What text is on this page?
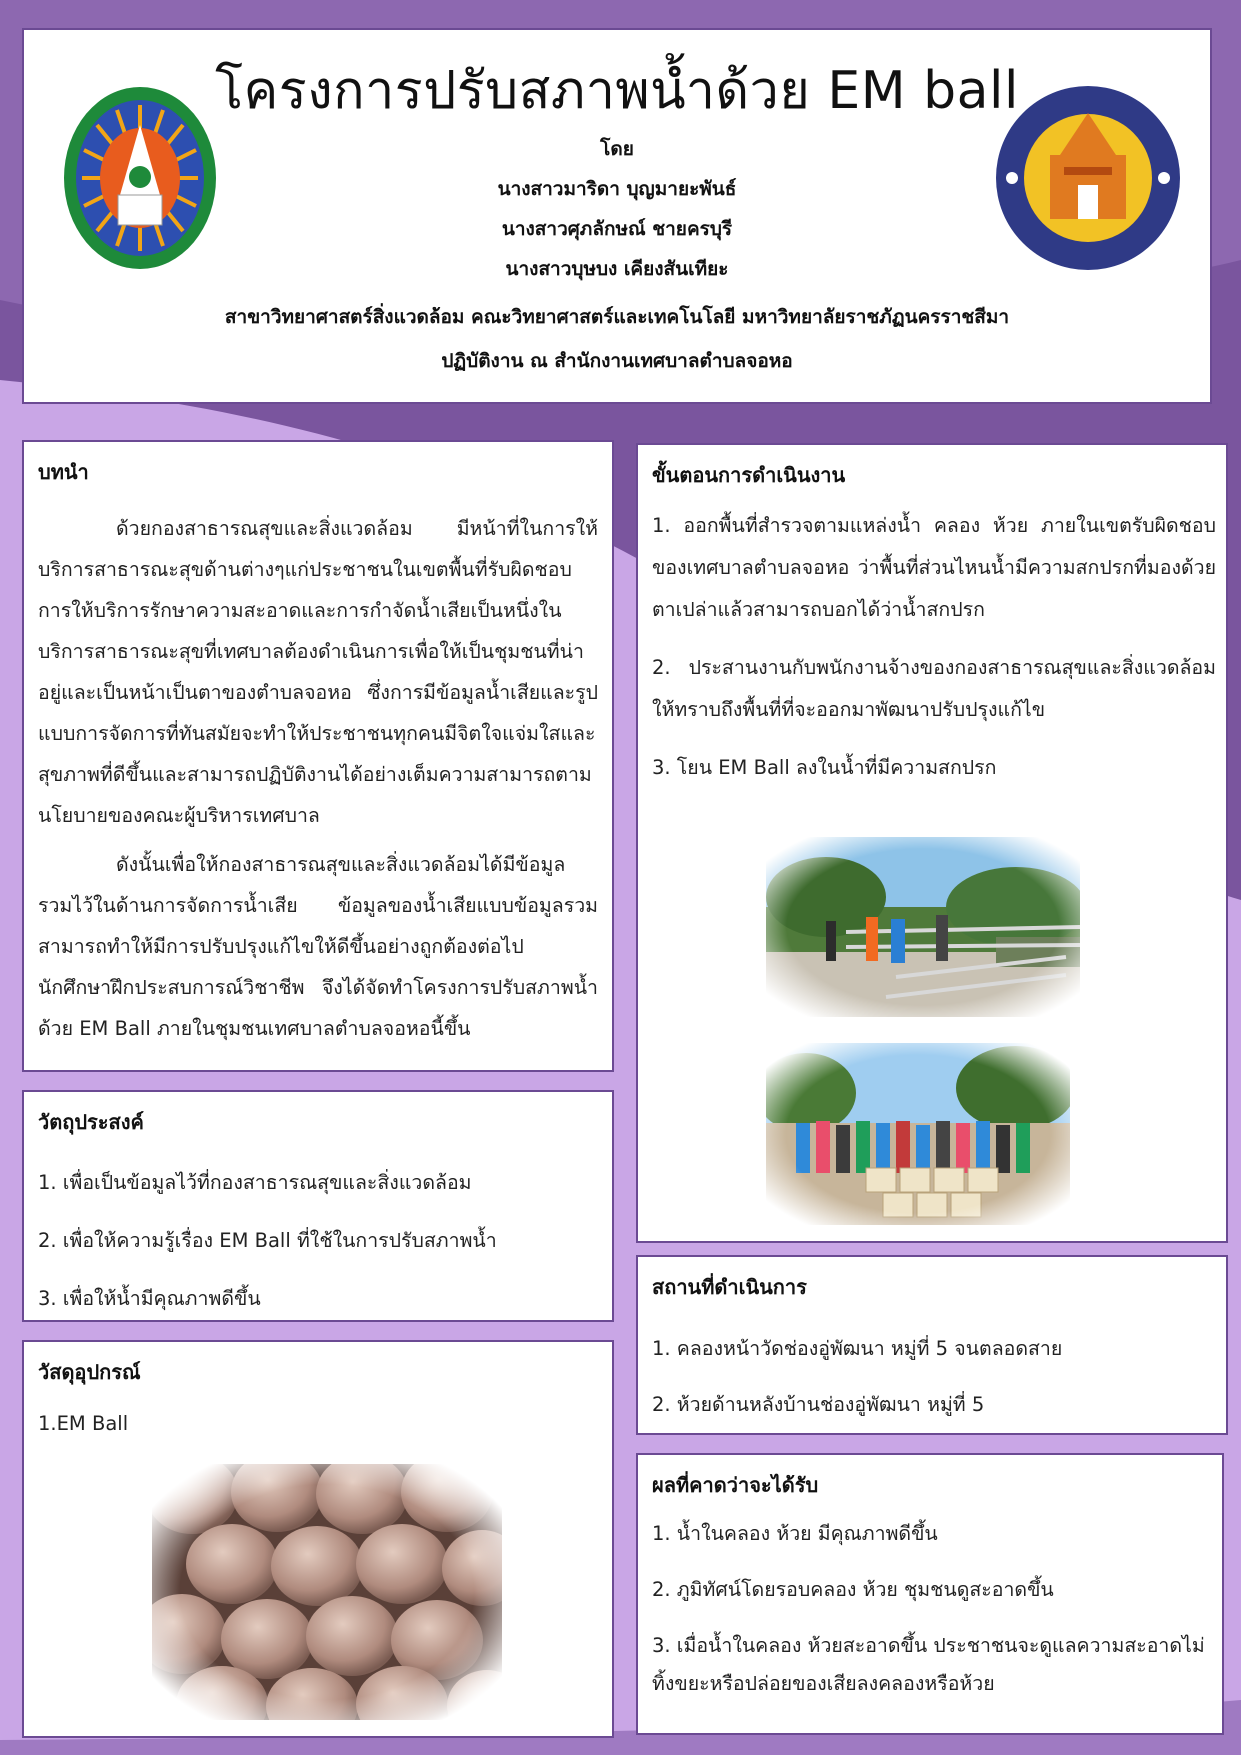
โครงการปรับสภาพน้ำด้วย EM ball
โดย
นางสาวมาริดา บุญมายะพันธ์
นางสาวศุภลักษณ์ ชายครบุรี
นางสาวบุษบง เคียงสันเทียะ
สาขาวิทยาศาสตร์สิ่งแวดล้อม คณะวิทยาศาสตร์และเทคโนโลยี มหาวิทยาลัยราชภัฏนครราชสีมา
ปฏิบัติงาน ณ สำนักงานเทศบาลตำบลจอหอ
บทนำ

ด้วยกองสาธารณสุขและสิ่งแวดล้อม มีหน้าที่ในการให้บริการสาธารณะสุขด้านต่างๆแก่ประชาชนในเขตพื้นที่รับผิดชอบ การให้บริการรักษาความสะอาดและการกำจัดน้ำเสียเป็นหนึ่งในบริการสาธารณะสุขที่เทศบาลต้องดำเนินการเพื่อให้เป็นชุมชนที่น่าอยู่และเป็นหน้าเป็นตาของตำบลจอหอ ซึ่งการมีข้อมูลน้ำเสียและรูปแบบการจัดการที่ทันสมัยจะทำให้ประชาชนทุกคนมีจิตใจแจ่มใสและสุขภาพที่ดีขึ้นและสามารถปฏิบัติงานได้อย่างเต็มความสามารถตามนโยบายของคณะผู้บริหารเทศบาล

ดังนั้นเพื่อให้กองสาธารณสุขและสิ่งแวดล้อมได้มีข้อมูลรวมไว้ในด้านการจัดการน้ำเสีย ข้อมูลของน้ำเสียแบบข้อมูลรวมสามารถทำให้มีการปรับปรุงแก้ไขให้ดีขึ้นอย่างถูกต้องต่อไป นักศึกษาฝึกประสบการณ์วิชาชีพ จึงได้จัดทำโครงการปรับสภาพน้ำด้วย EM Ball ภายในชุมชนเทศบาลตำบลจอหอนี้ขึ้น

วัตถุประสงค์
1. เพื่อเป็นข้อมูลไว้ที่กองสาธารณสุขและสิ่งแวดล้อม
2. เพื่อให้ความรู้เรื่อง EM Ball ที่ใช้ในการปรับสภาพน้ำ
3. เพื่อให้น้ำมีคุณภาพดีขึ้น
วัสดุอุปกรณ์
1.EM Ball
ขั้นตอนการดำเนินงาน
1. ออกพื้นที่สำรวจตามแหล่งน้ำ คลอง ห้วย ภายในเขตรับผิดชอบของเทศบาลตำบลจอหอ ว่าพื้นที่ส่วนไหนน้ำมีความสกปรกที่มองด้วยตาเปล่าแล้วสามารถบอกได้ว่าน้ำสกปรก
2. ประสานงานกับพนักงานจ้างของกองสาธารณสุขและสิ่งแวดล้อม ให้ทราบถึงพื้นที่ที่จะออกมาพัฒนาปรับปรุงแก้ไข
3. โยน EM Ball ลงในน้ำที่มีความสกปรก
สถานที่ดำเนินการ
1. คลองหน้าวัดช่องอู่พัฒนา หมู่ที่ 5 จนตลอดสาย
2. ห้วยด้านหลังบ้านช่องอู่พัฒนา หมู่ที่ 5
ผลที่คาดว่าจะได้รับ
1. น้ำในคลอง ห้วย มีคุณภาพดีขึ้น
2. ภูมิทัศน์โดยรอบคลอง ห้วย ชุมชนดูสะอาดขึ้น
3. เมื่อน้ำในคลอง ห้วยสะอาดขึ้น ประชาชนจะดูแลความสะอาดไม่ทิ้งขยะหรือปล่อยของเสียลงคลองหรือห้วย
